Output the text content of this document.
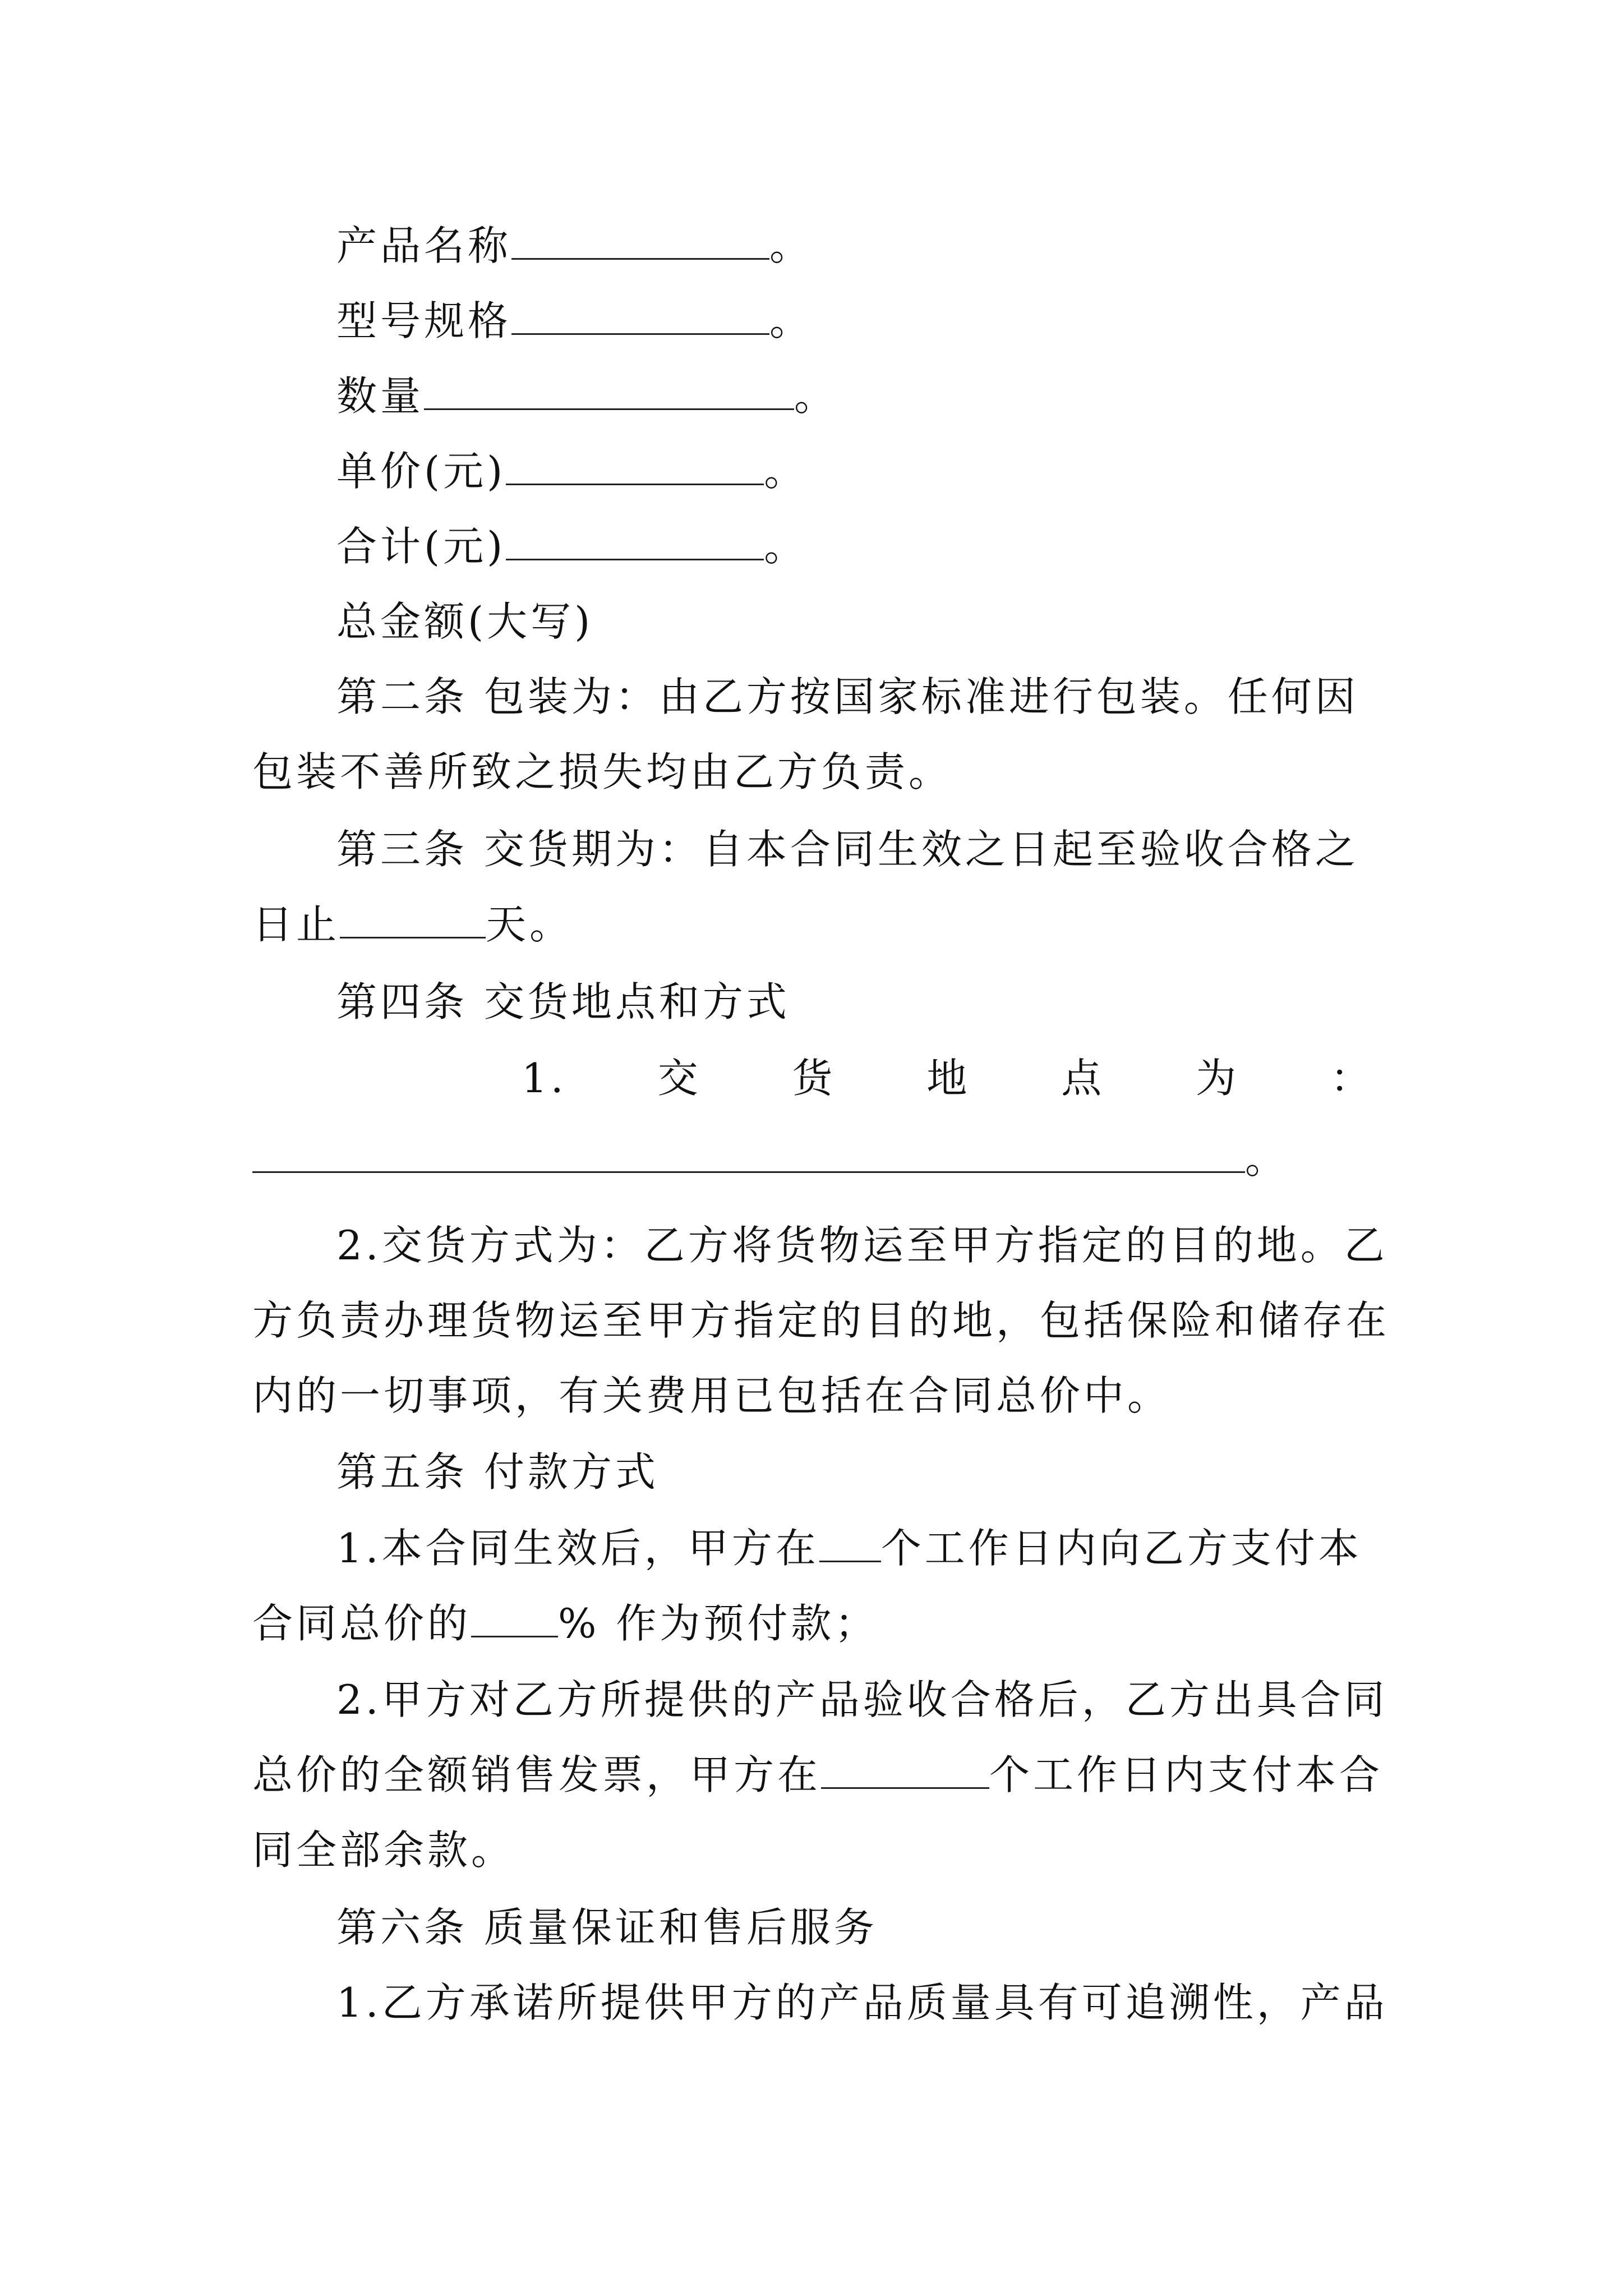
产品名称	。
型号规格	。
数量	。
单价(元)	。
合计(元)	。
总金额(大写)
第二条 包装为：由乙方按国家标准进行包装。任何因
包装不善所致之损失均由乙方负责。
第三条 交货期为：自本合同生效之日起至验收合格之
日止	天。
第四条 交货地点和方式
1. 交 货 地 点 为 ：
。
2.交货方式为：乙方将货物运至甲方指定的目的地。乙
方负责办理货物运至甲方指定的目的地，包括保险和储存在
内的一切事项，有关费用已包括在合同总价中。
第五条 付款方式
1.本合同生效后，甲方在 个工作日内向乙方支付本
合同总价的 % 作为预付款；
2.甲方对乙方所提供的产品验收合格后，乙方出具合同
总价的全额销售发票，甲方在	个工作日内支付本合
同全部余款。
第六条 质量保证和售后服务
1.乙方承诺所提供甲方的产品质量具有可追溯性，产品
